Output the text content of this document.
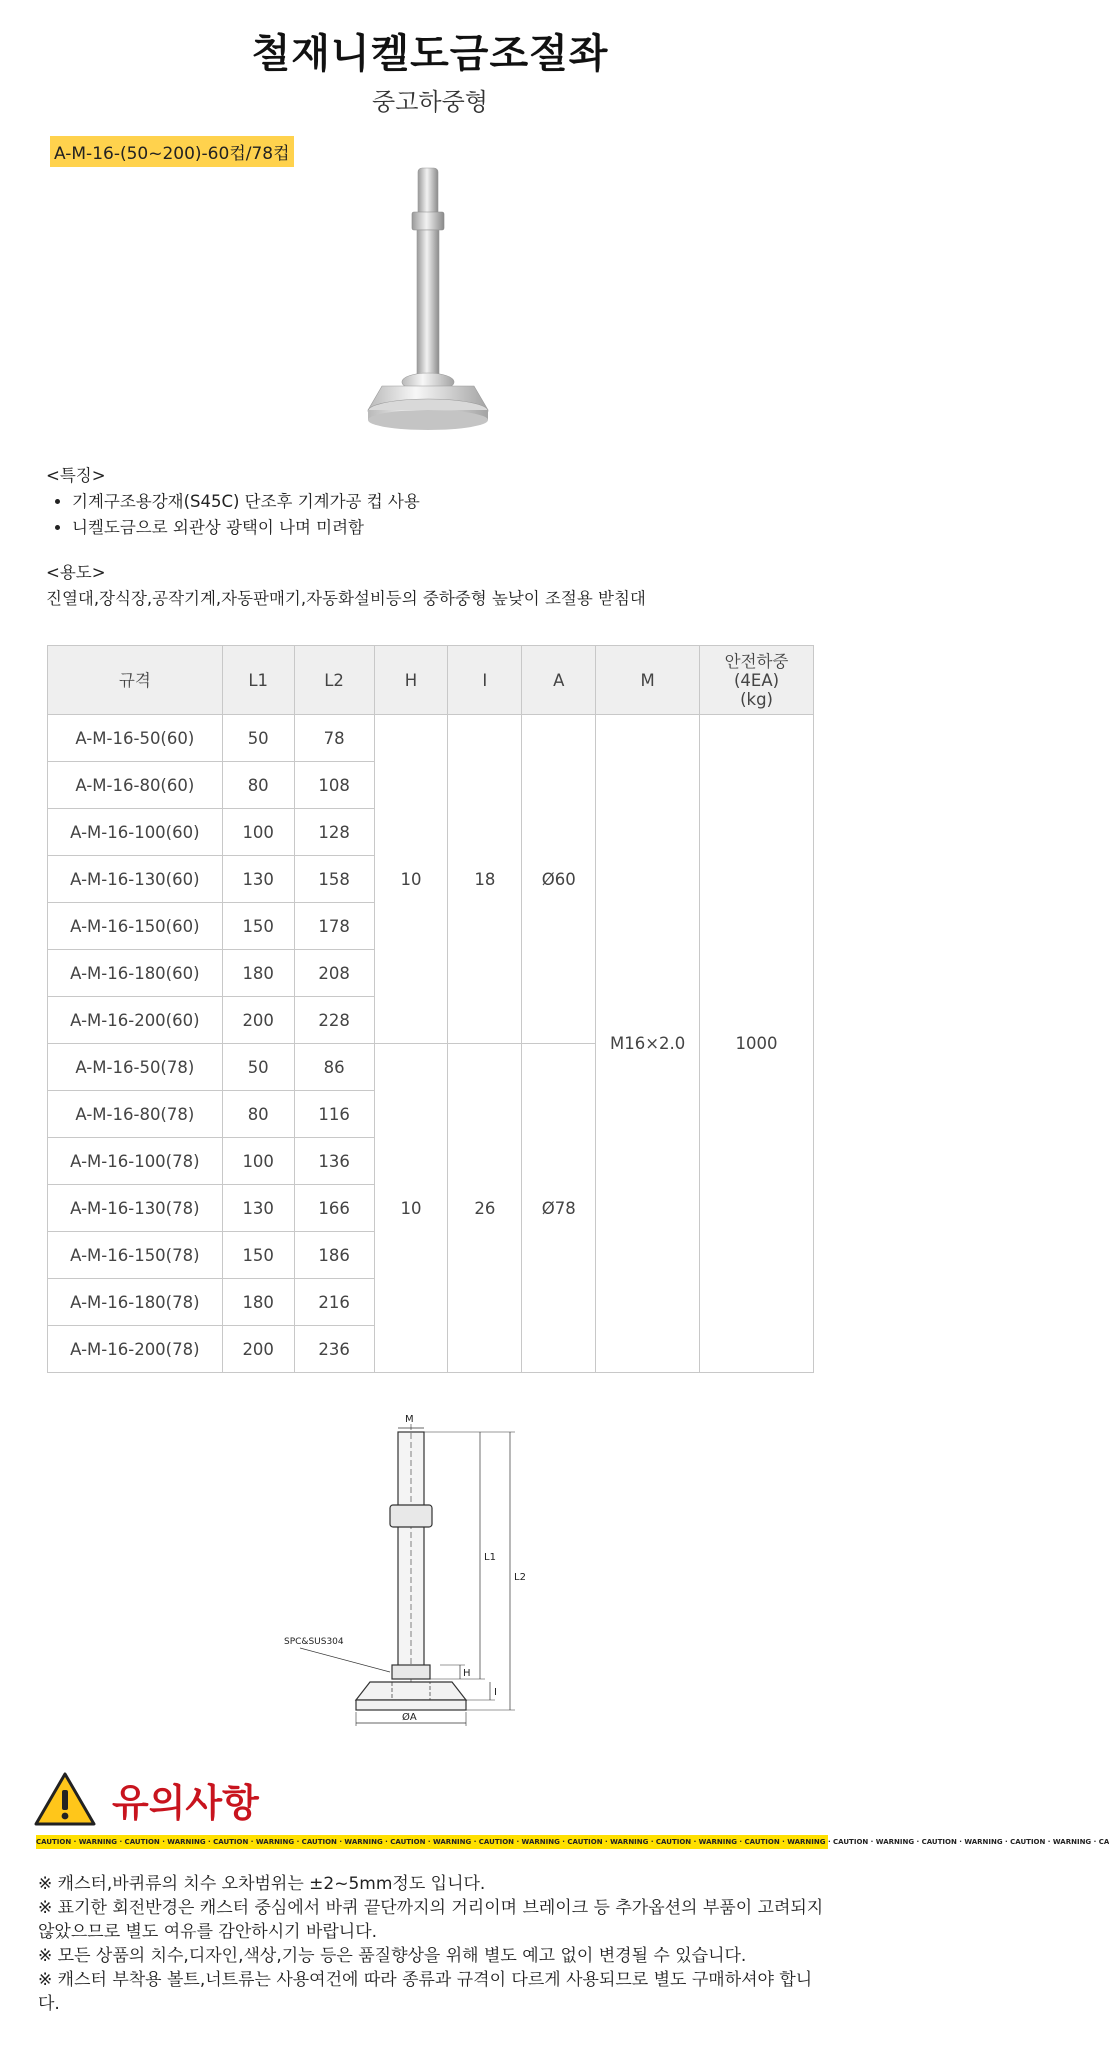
철재니켈도금조절좌
중고하중형
A-M-16-(50~200)-60컵/78컵
<특징>
• 기계구조용강재(S45C) 단조후 기계가공 컵 사용
• 니켈도금으로 외관상 광택이 나며 미려함
<용도>
진열대,장식장,공작기계,자동판매기,자동화설비등의 중하중형 높낮이 조절용 받침대
규격	L1	L2	H	I	A	M	안전하중
(4EA)
(kg)
A-M-16-50(60)	50	78	10	18	Ø60	M16×2.0	1000
A-M-16-80(60)	80	108					
A-M-16-100(60)	100	128					
A-M-16-130(60)	130	158					
A-M-16-150(60)	150	178					
A-M-16-180(60)	180	208					
A-M-16-200(60)	200	228					
A-M-16-50(78)	50	86	10	26	Ø78		
A-M-16-80(78)	80	116					
A-M-16-100(78)	100	136					
A-M-16-130(78)	130	166					
A-M-16-150(78)	150	186					
A-M-16-180(78)	180	216					
A-M-16-200(78)	200	236					
M
L1
L2
H
I
ØA
SPC&SUS304
유의사항
CAUTION · WARNING · CAUTION · WARNING · CAUTION · WARNING · CAUTION · WARNING · CAUTION · WARNING · CAUTION · WARNING · CAUTION · WARNING · CAUTION · WARNING · CAUTION · WARNING · CAUTION · WARNING · CAUTION · WARNING · CAUTION · WARNING · CA

※ 캐스터,바퀴류의 치수 오차범위는 ±2~5mm정도 입니다.

※ 표기한 회전반경은 캐스터 중심에서 바퀴 끝단까지의 거리이며 브레이크 등 추가옵션의 부품이 고려되지 않았으므로 별도 여유를 감안하시기 바랍니다.

※ 모든 상품의 치수,디자인,색상,기능 등은 품질향상을 위해 별도 예고 없이 변경될 수 있습니다.

※ 캐스터 부착용 볼트,너트류는 사용여건에 따라 종류과 규격이 다르게 사용되므로 별도 구매하셔야 합니다.
